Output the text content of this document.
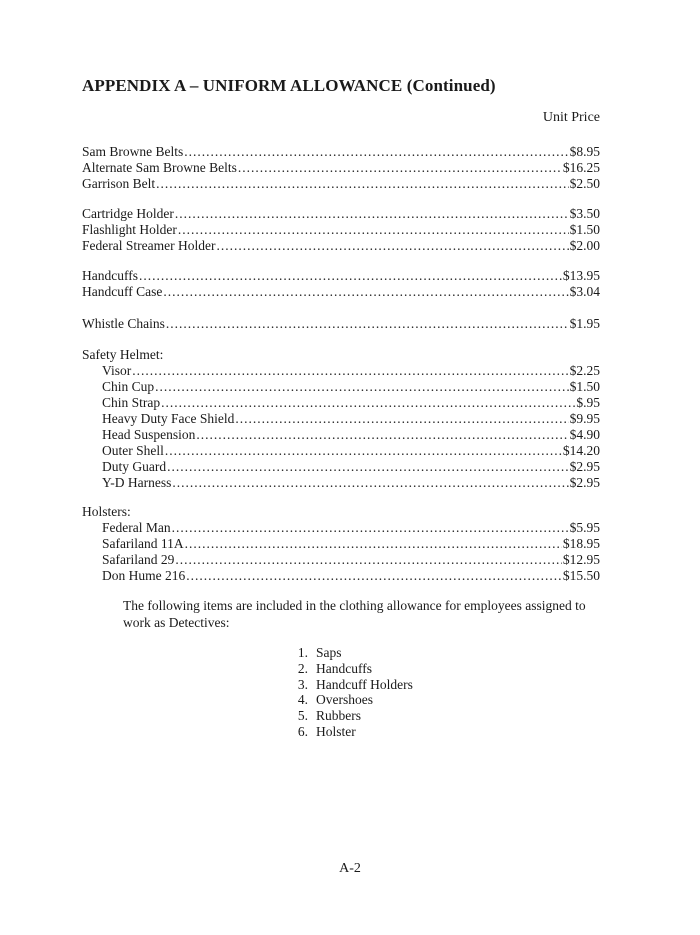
APPENDIX A – UNIFORM ALLOWANCE (Continued)
Unit Price
Sam Browne Belts .....	$ 8.95
Alternate Sam Browne Belts .....	$ 16.25
Garrison Belt .....	$ 2.50
Cartridge Holder .....	$ 3.50
Flashlight Holder .....	$ 1.50
Federal Streamer Holder .....	$ 2.00
Handcuffs .....	$ 13.95
Handcuff Case .....	$ 3.04
Whistle Chains .....	$ 1.95
Safety Helmet:
Visor .....	$ 2.25
Chin Cup .....	$ 1.50
Chin Strap .....	$ .95
Heavy Duty Face Shield .....	$ 9.95
Head Suspension .....	$ 4.90
Outer Shell .....	$ 14.20
Duty Guard .....	$ 2.95
Y-D Harness .....	$ 2.95
Holsters:
Federal Man .....	$ 5.95
Safariland 11A .....	$ 18.95
Safariland 29 .....	$ 12.95
Don Hume 216 .....	$ 15.50
The following items are included in the clothing allowance for employees assigned to work as Detectives:
1. Saps
2. Handcuffs
3. Handcuff Holders
4. Overshoes
5. Rubbers
6. Holster
A-2
